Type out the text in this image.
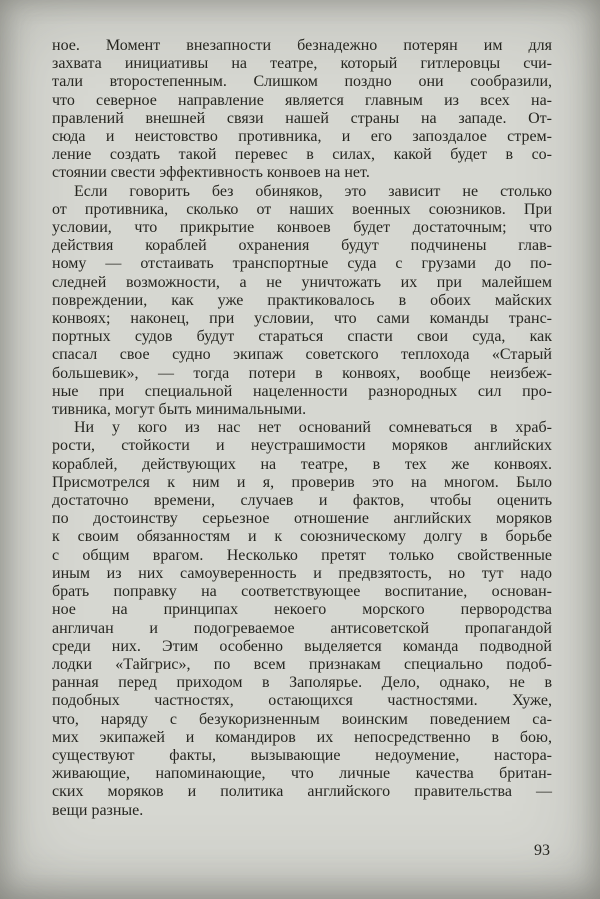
ное. Момент внезапности безнадежно потерян им для
захвата инициативы на театре, который гитлеровцы счи-
тали второстепенным. Слишком поздно они сообразили,
что северное направление является главным из всех на-
правлений внешней связи нашей страны на западе. От-
сюда и неистовство противника, и его запоздалое стрем-
ление создать такой перевес в силах, какой будет в со-
стоянии свести эффективность конвоев на нет.
Если говорить без обиняков, это зависит не столько
от противника, сколько от наших военных союзников. При
условии, что прикрытие конвоев будет достаточным; что
действия кораблей охранения будут подчинены глав-
ному — отстаивать транспортные суда с грузами до по-
следней возможности, а не уничтожать их при малейшем
повреждении, как уже практиковалось в обоих майских
конвоях; наконец, при условии, что сами команды транс-
портных судов будут стараться спасти свои суда, как
спасал свое судно экипаж советского теплохода «Старый
большевик», — тогда потери в конвоях, вообще неизбеж-
ные при специальной нацеленности разнородных сил про-
тивника, могут быть минимальными.
Ни у кого из нас нет оснований сомневаться в храб-
рости, стойкости и неустрашимости моряков английских
кораблей, действующих на театре, в тех же конвоях.
Присмотрелся к ним и я, проверив это на многом. Было
достаточно времени, случаев и фактов, чтобы оценить
по достоинству серьезное отношение английских моряков
к своим обязанностям и к союзническому долгу в борьбе
с общим врагом. Несколько претят только свойственные
иным из них самоуверенность и предвзятость, но тут надо
брать поправку на соответствующее воспитание, основан-
ное на принципах некоего морского первородства
англичан и подогреваемое антисоветской пропагандой
среди них. Этим особенно выделяется команда подводной
лодки «Тайгрис», по всем признакам специально подоб-
ранная перед приходом в Заполярье. Дело, однако, не в
подобных частностях, остающихся частностями. Хуже,
что, наряду с безукоризненным воинским поведением са-
мих экипажей и командиров их непосредственно в бою,
существуют факты, вызывающие недоумение, настора-
живающие, напоминающие, что личные качества британ-
ских моряков и политика английского правительства —
вещи разные.
93
